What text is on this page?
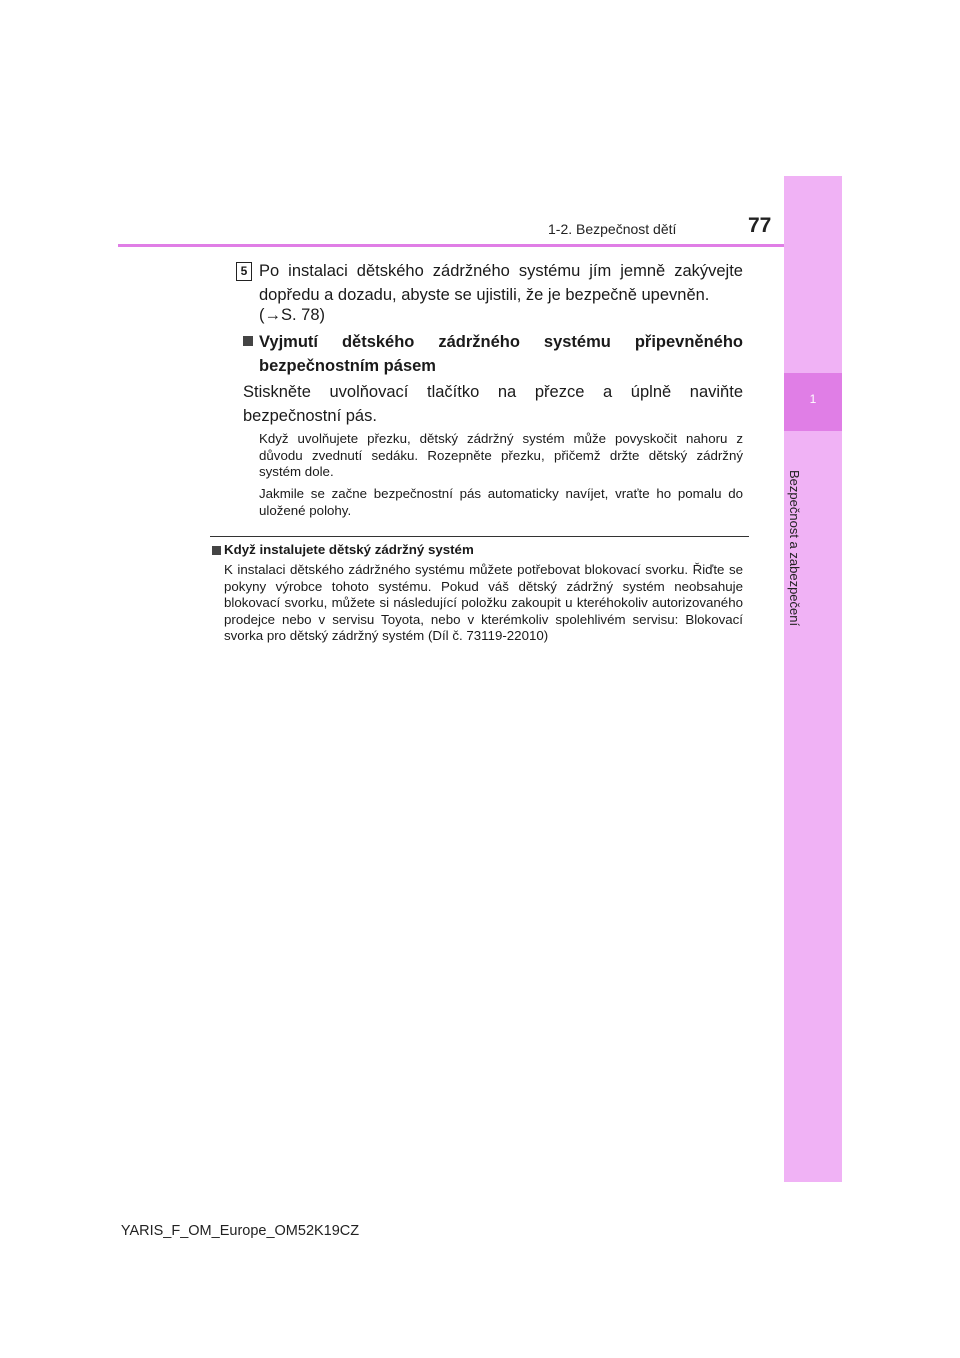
1
Bezpečnost a zabezpečení
1-2. Bezpečnost dětí	77
5 Po instalaci dětského zádržného systému jím jemně zakývejte dopředu a dozadu, abyste se ujistili, že je bezpečně upevněn.
(→S. 78)
Vyjmutí dětského zádržného systému připevněného bezpečnostním pásem
Stiskněte uvolňovací tlačítko na přezce a úplně naviňte bezpečnostní pás.
Když uvolňujete přezku, dětský zádržný systém může povyskočit nahoru z důvodu zvednutí sedáku. Rozepněte přezku, přičemž držte dětský zádržný systém dole.
Jakmile se začne bezpečnostní pás automaticky navíjet, vraťte ho pomalu do uložené polohy.
Když instalujete dětský zádržný systém
K instalaci dětského zádržného systému můžete potřebovat blokovací svorku. Řiďte se pokyny výrobce tohoto systému. Pokud váš dětský zádržný systém neobsahuje blokovací svorku, můžete si následující položku zakoupit u kteréhokoliv autorizovaného prodejce nebo v servisu Toyota, nebo v kterémkoliv spolehlivém servisu: Blokovací svorka pro dětský zádržný systém (Díl č. 73119-22010)
YARIS_F_OM_Europe_OM52K19CZ
